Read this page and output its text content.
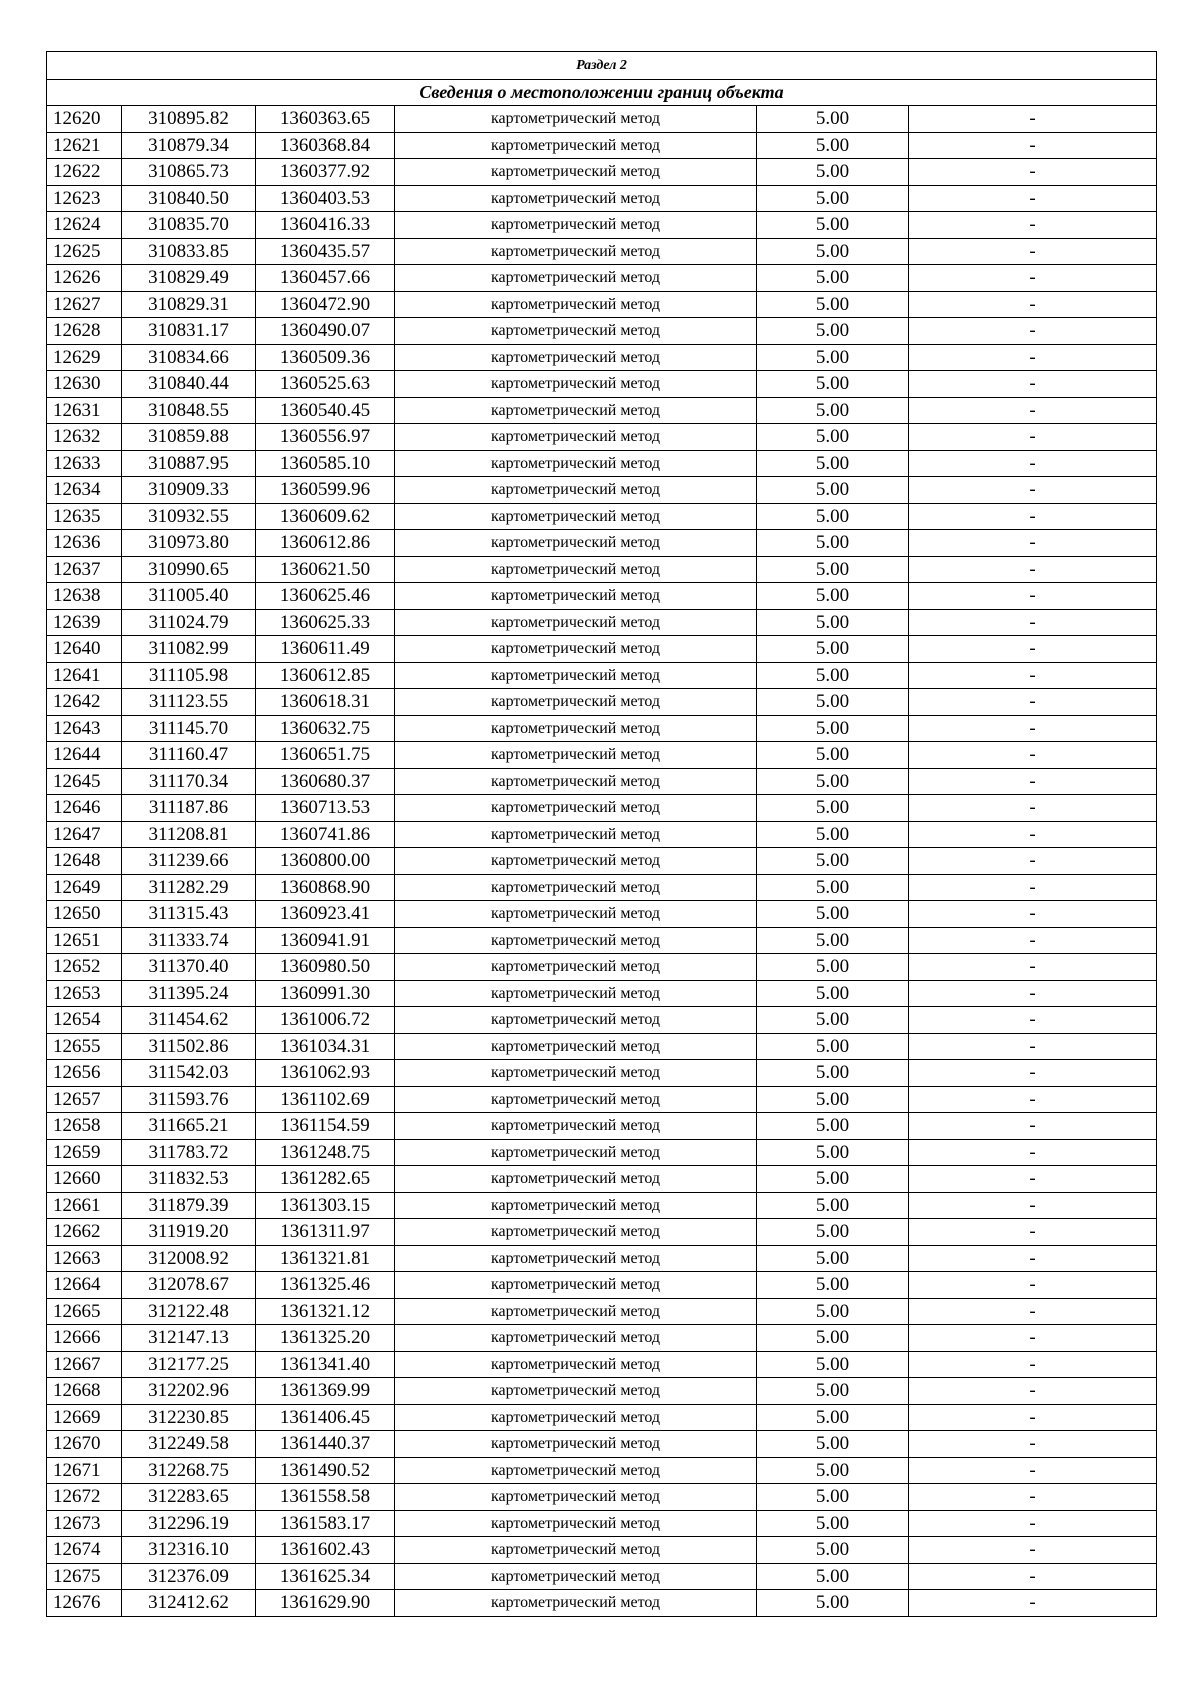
Раздел 2					
Сведения о местоположении границ объекта					
12620	310895.82	1360363.65	картометрический метод	5.00	-
12621	310879.34	1360368.84	картометрический метод	5.00	-
12622	310865.73	1360377.92	картометрический метод	5.00	-
12623	310840.50	1360403.53	картометрический метод	5.00	-
12624	310835.70	1360416.33	картометрический метод	5.00	-
12625	310833.85	1360435.57	картометрический метод	5.00	-
12626	310829.49	1360457.66	картометрический метод	5.00	-
12627	310829.31	1360472.90	картометрический метод	5.00	-
12628	310831.17	1360490.07	картометрический метод	5.00	-
12629	310834.66	1360509.36	картометрический метод	5.00	-
12630	310840.44	1360525.63	картометрический метод	5.00	-
12631	310848.55	1360540.45	картометрический метод	5.00	-
12632	310859.88	1360556.97	картометрический метод	5.00	-
12633	310887.95	1360585.10	картометрический метод	5.00	-
12634	310909.33	1360599.96	картометрический метод	5.00	-
12635	310932.55	1360609.62	картометрический метод	5.00	-
12636	310973.80	1360612.86	картометрический метод	5.00	-
12637	310990.65	1360621.50	картометрический метод	5.00	-
12638	311005.40	1360625.46	картометрический метод	5.00	-
12639	311024.79	1360625.33	картометрический метод	5.00	-
12640	311082.99	1360611.49	картометрический метод	5.00	-
12641	311105.98	1360612.85	картометрический метод	5.00	-
12642	311123.55	1360618.31	картометрический метод	5.00	-
12643	311145.70	1360632.75	картометрический метод	5.00	-
12644	311160.47	1360651.75	картометрический метод	5.00	-
12645	311170.34	1360680.37	картометрический метод	5.00	-
12646	311187.86	1360713.53	картометрический метод	5.00	-
12647	311208.81	1360741.86	картометрический метод	5.00	-
12648	311239.66	1360800.00	картометрический метод	5.00	-
12649	311282.29	1360868.90	картометрический метод	5.00	-
12650	311315.43	1360923.41	картометрический метод	5.00	-
12651	311333.74	1360941.91	картометрический метод	5.00	-
12652	311370.40	1360980.50	картометрический метод	5.00	-
12653	311395.24	1360991.30	картометрический метод	5.00	-
12654	311454.62	1361006.72	картометрический метод	5.00	-
12655	311502.86	1361034.31	картометрический метод	5.00	-
12656	311542.03	1361062.93	картометрический метод	5.00	-
12657	311593.76	1361102.69	картометрический метод	5.00	-
12658	311665.21	1361154.59	картометрический метод	5.00	-
12659	311783.72	1361248.75	картометрический метод	5.00	-
12660	311832.53	1361282.65	картометрический метод	5.00	-
12661	311879.39	1361303.15	картометрический метод	5.00	-
12662	311919.20	1361311.97	картометрический метод	5.00	-
12663	312008.92	1361321.81	картометрический метод	5.00	-
12664	312078.67	1361325.46	картометрический метод	5.00	-
12665	312122.48	1361321.12	картометрический метод	5.00	-
12666	312147.13	1361325.20	картометрический метод	5.00	-
12667	312177.25	1361341.40	картометрический метод	5.00	-
12668	312202.96	1361369.99	картометрический метод	5.00	-
12669	312230.85	1361406.45	картометрический метод	5.00	-
12670	312249.58	1361440.37	картометрический метод	5.00	-
12671	312268.75	1361490.52	картометрический метод	5.00	-
12672	312283.65	1361558.58	картометрический метод	5.00	-
12673	312296.19	1361583.17	картометрический метод	5.00	-
12674	312316.10	1361602.43	картометрический метод	5.00	-
12675	312376.09	1361625.34	картометрический метод	5.00	-
12676	312412.62	1361629.90	картометрический метод	5.00	-
